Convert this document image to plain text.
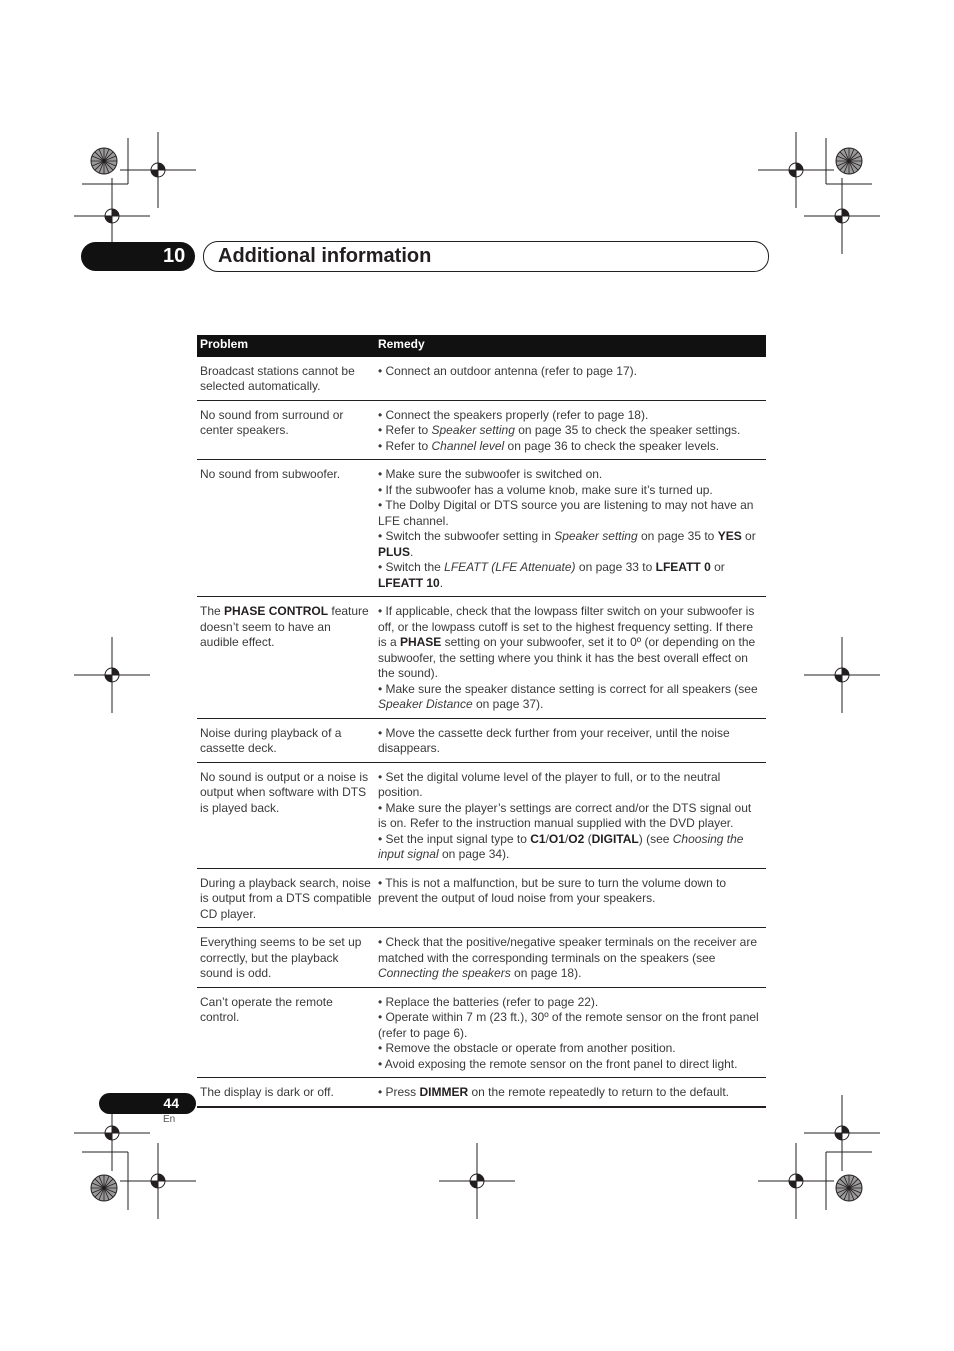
10	Additional information
Problem	Remedy
Broadcast stations cannot be selected automatically.	• Connect an outdoor antenna (refer to page 17).

No sound from surround or center speakers.	• Connect the speakers properly (refer to page 18).
• Refer to Speaker setting on page 35 to check the speaker settings.
• Refer to Channel level on page 36 to check the speaker levels.

No sound from subwoofer.	• Make sure the subwoofer is switched on.
• If the subwoofer has a volume knob, make sure it’s turned up.
• The Dolby Digital or DTS source you are listening to may not have an LFE channel.
• Switch the subwoofer setting in Speaker setting on page 35 to YES or PLUS.
• Switch the LFEATT (LFE Attenuate) on page 33 to LFEATT 0 or LFEATT 10.

The PHASE CONTROL feature doesn’t seem to have an audible effect.	• If applicable, check that the lowpass filter switch on your subwoofer is off, or the lowpass cutoff is set to the highest frequency setting. If there is a PHASE setting on your subwoofer, set it to 0º (or depending on the subwoofer, the setting where you think it has the best overall effect on the sound).
• Make sure the speaker distance setting is correct for all speakers (see Speaker Distance on page 37).

Noise during playback of a cassette deck.	• Move the cassette deck further from your receiver, until the noise disappears.

No sound is output or a noise is output when software with DTS is played back.	• Set the digital volume level of the player to full, or to the neutral position.
• Make sure the player’s settings are correct and/or the DTS signal out is on. Refer to the instruction manual supplied with the DVD player.
• Set the input signal type to C1/O1/O2 (DIGITAL) (see Choosing the input signal on page 34).

During a playback search, noise is output from a DTS compatible CD player.	• This is not a malfunction, but be sure to turn the volume down to prevent the output of loud noise from your speakers.

Everything seems to be set up correctly, but the playback sound is odd.	• Check that the positive/negative speaker terminals on the receiver are matched with the corresponding terminals on the speakers (see Connecting the speakers on page 18).

Can’t operate the remote control.	• Replace the batteries (refer to page 22).
• Operate within 7 m (23 ft.), 30º of the remote sensor on the front panel (refer to page 6).
• Remove the obstacle or operate from another position.
• Avoid exposing the remote sensor on the front panel to direct light.

The display is dark or off.	• Press DIMMER on the remote repeatedly to return to the default.
44
En
